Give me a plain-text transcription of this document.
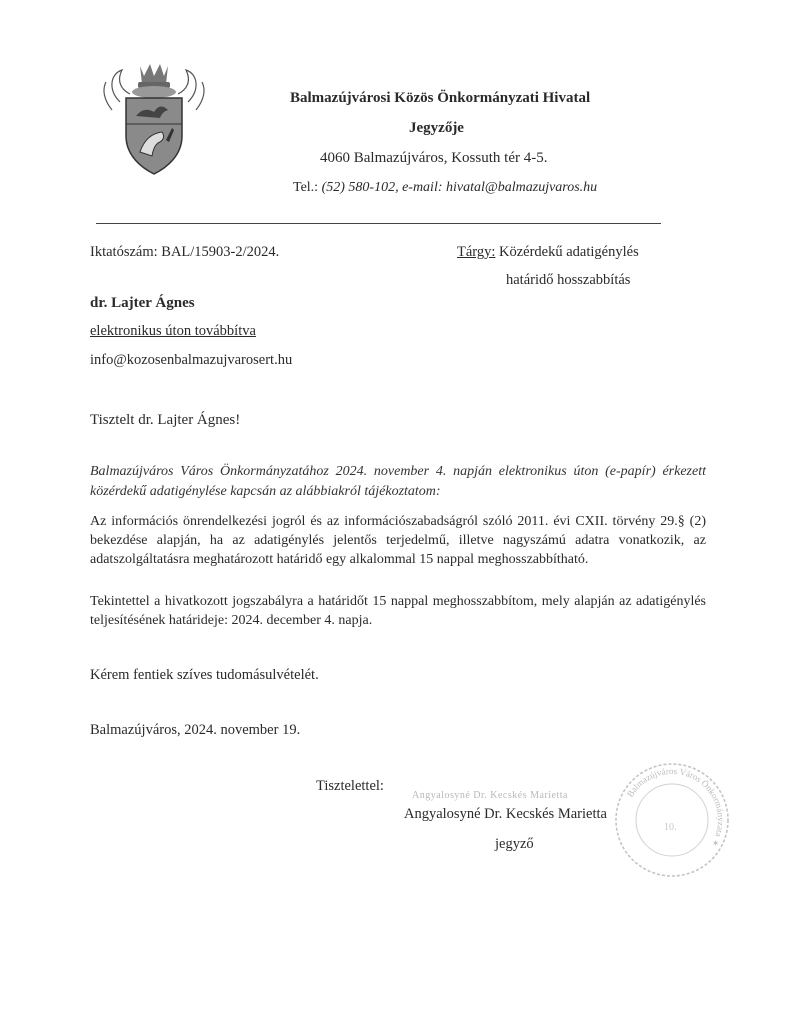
Balmazújvárosi Közös Önkormányzati Hivatal
Jegyzője
4060 Balmazújváros, Kossuth tér 4-5.
Tel.: (52) 580-102, e-mail: hivatal@balmazujvaros.hu
Iktatószám: BAL/15903-2/2024.	Tárgy: Közérdekű adatigénylés
határidő hosszabbítás
dr. Lajter Ágnes
elektronikus úton továbbítva
info@kozosenbalmazujvarosert.hu
Tisztelt dr. Lajter Ágnes!
Balmazújváros Város Önkormányzatához 2024. november 4. napján elektronikus úton (e-papír) érkezett közérdekű adatigénylése kapcsán az alábbiakról tájékoztatom:
Az információs önrendelkezési jogról és az információszabadságról szóló 2011. évi CXII. törvény 29.§ (2) bekezdése alapján, ha az adatigénylés jelentős terjedelmű, illetve nagyszámú adatra vonatkozik, az adatszolgáltatásra meghatározott határidő egy alkalommal 15 nappal meghosszabbítható.
Tekintettel a hivatkozott jogszabályra a határidőt 15 nappal meghosszabbítom, mely alapján az adatigénylés teljesítésének határideje: 2024. december 4. napja.
Kérem fentiek szíves tudomásulvételét.
Balmazújváros, 2024. november 19.
Tisztelettel:
Angyalosyné Dr. Kecskés Marietta
Angyalosyné Dr. Kecskés Marietta
jegyző
Balmazújváros Város Önkormányzata ✶
10.
